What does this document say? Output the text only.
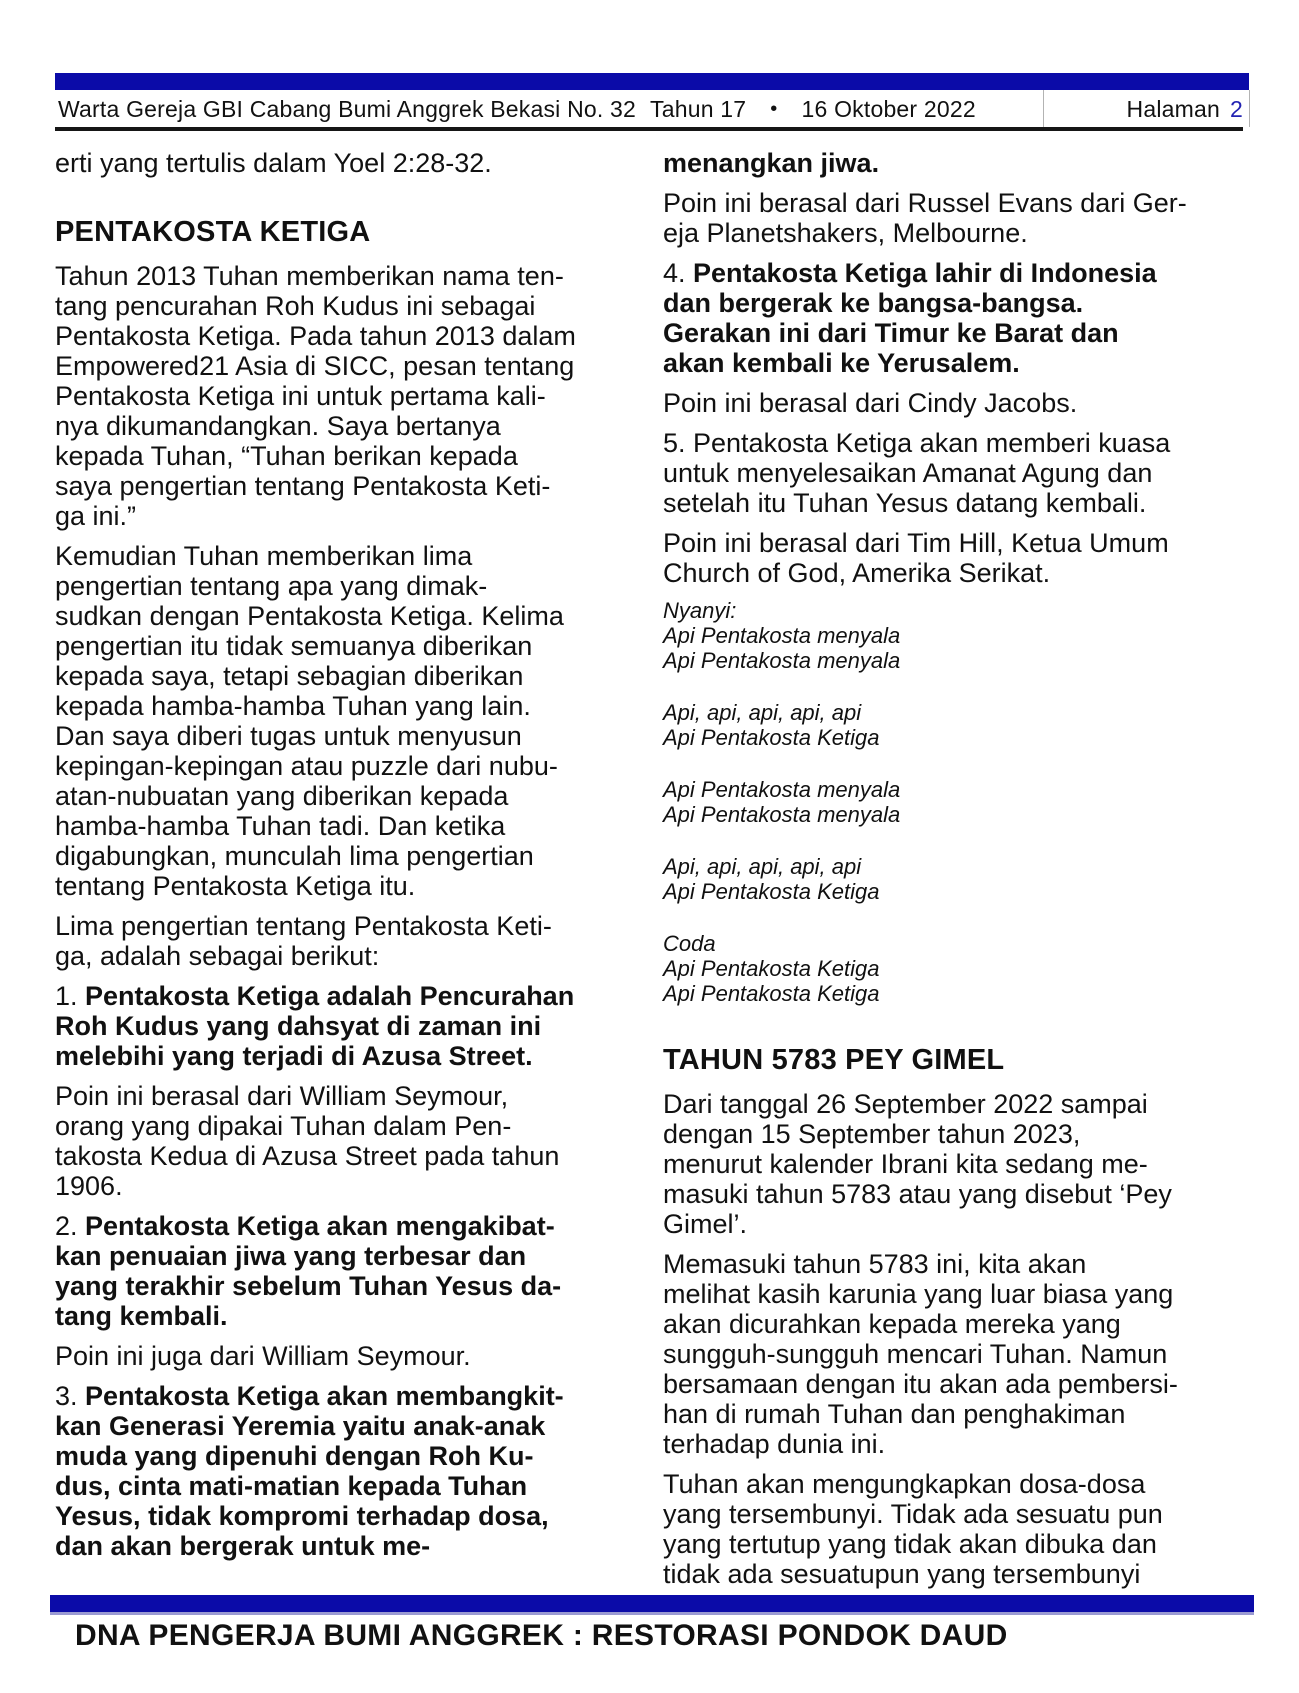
Warta Gereja GBI Cabang Bumi Anggrek Bekasi No. 32 Tahun 17 • 16 Oktober 2022	Halaman 2
erti yang tertulis dalam Yoel 2:28-32.
PENTAKOSTA KETIGA
Tahun 2013 Tuhan memberikan nama ten-
tang pencurahan Roh Kudus ini sebagai
Pentakosta Ketiga. Pada tahun 2013 dalam
Empowered21 Asia di SICC, pesan tentang
Pentakosta Ketiga ini untuk pertama kali-
nya dikumandangkan. Saya bertanya
kepada Tuhan, “Tuhan berikan kepada
saya pengertian tentang Pentakosta Keti-
ga ini.”
Kemudian Tuhan memberikan lima
pengertian tentang apa yang dimak-
sudkan dengan Pentakosta Ketiga. Kelima
pengertian itu tidak semuanya diberikan
kepada saya, tetapi sebagian diberikan
kepada hamba-hamba Tuhan yang lain.
Dan saya diberi tugas untuk menyusun
kepingan-kepingan atau puzzle dari nubu-
atan-nubuatan yang diberikan kepada
hamba-hamba Tuhan tadi. Dan ketika
digabungkan, munculah lima pengertian
tentang Pentakosta Ketiga itu.
Lima pengertian tentang Pentakosta Keti-
ga, adalah sebagai berikut:
1. Pentakosta Ketiga adalah Pencurahan
Roh Kudus yang dahsyat di zaman ini
melebihi yang terjadi di Azusa Street.
Poin ini berasal dari William Seymour,
orang yang dipakai Tuhan dalam Pen-
takosta Kedua di Azusa Street pada tahun
1906.
2. Pentakosta Ketiga akan mengakibat-
kan penuaian jiwa yang terbesar dan
yang terakhir sebelum Tuhan Yesus da-
tang kembali.
Poin ini juga dari William Seymour.
3. Pentakosta Ketiga akan membangkit-
kan Generasi Yeremia yaitu anak-anak
muda yang dipenuhi dengan Roh Ku-
dus, cinta mati-matian kepada Tuhan
Yesus, tidak kompromi terhadap dosa,
dan akan bergerak untuk me-
menangkan jiwa.
Poin ini berasal dari Russel Evans dari Ger-
eja Planetshakers, Melbourne.
4. Pentakosta Ketiga lahir di Indonesia
dan bergerak ke bangsa-bangsa.
Gerakan ini dari Timur ke Barat dan
akan kembali ke Yerusalem.
Poin ini berasal dari Cindy Jacobs.
5. Pentakosta Ketiga akan memberi kuasa
untuk menyelesaikan Amanat Agung dan
setelah itu Tuhan Yesus datang kembali.
Poin ini berasal dari Tim Hill, Ketua Umum
Church of God, Amerika Serikat.
Nyanyi:
Api Pentakosta menyala
Api Pentakosta menyala
Api, api, api, api, api
Api Pentakosta Ketiga
Api Pentakosta menyala
Api Pentakosta menyala
Api, api, api, api, api
Api Pentakosta Ketiga
Coda
Api Pentakosta Ketiga
Api Pentakosta Ketiga
TAHUN 5783 PEY GIMEL
Dari tanggal 26 September 2022 sampai
dengan 15 September tahun 2023,
menurut kalender Ibrani kita sedang me-
masuki tahun 5783 atau yang disebut ‘Pey
Gimel’.
Memasuki tahun 5783 ini, kita akan
melihat kasih karunia yang luar biasa yang
akan dicurahkan kepada mereka yang
sungguh-sungguh mencari Tuhan. Namun
bersamaan dengan itu akan ada pembersi-
han di rumah Tuhan dan penghakiman
terhadap dunia ini.
Tuhan akan mengungkapkan dosa-dosa
yang tersembunyi. Tidak ada sesuatu pun
yang tertutup yang tidak akan dibuka dan
tidak ada sesuatupun yang tersembunyi
DNA PENGERJA BUMI ANGGREK : RESTORASI PONDOK DAUD
